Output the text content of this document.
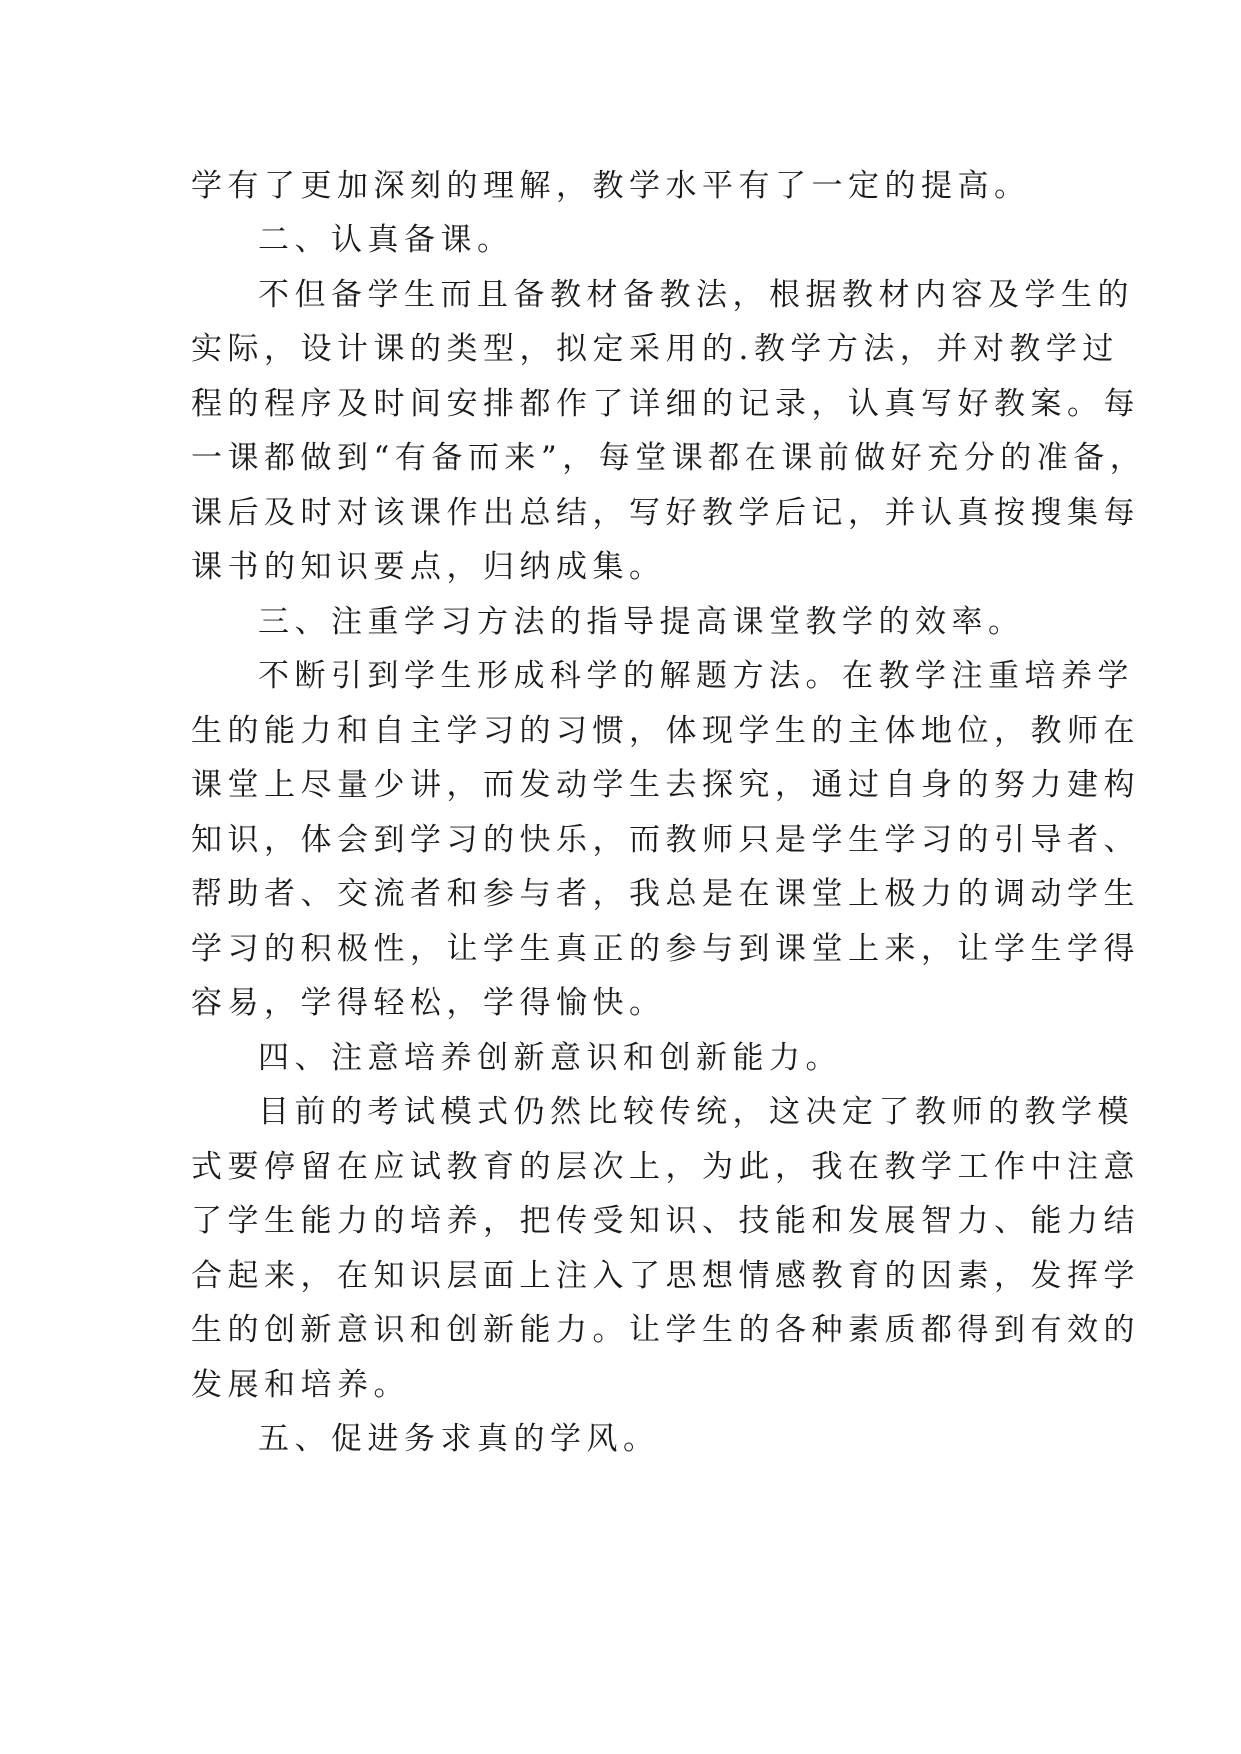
学有了更加深刻的理解，教学水平有了一定的提高。

二、认真备课。

不但备学生而且备教材备教法，根据教材内容及学生的

实际，设计课的类型，拟定采用的.教学方法，并对教学过

程的程序及时间安排都作了详细的记录，认真写好教案。每

一课都做到“有备而来”，每堂课都在课前做好充分的准备，

课后及时对该课作出总结，写好教学后记，并认真按搜集每

课书的知识要点，归纳成集。

三、注重学习方法的指导提高课堂教学的效率。

不断引到学生形成科学的解题方法。在教学注重培养学

生的能力和自主学习的习惯，体现学生的主体地位，教师在

课堂上尽量少讲，而发动学生去探究，通过自身的努力建构

知识，体会到学习的快乐，而教师只是学生学习的引导者、

帮助者、交流者和参与者，我总是在课堂上极力的调动学生

学习的积极性，让学生真正的参与到课堂上来，让学生学得

容易，学得轻松，学得愉快。

四、注意培养创新意识和创新能力。

目前的考试模式仍然比较传统，这决定了教师的教学模

式要停留在应试教育的层次上，为此，我在教学工作中注意

了学生能力的培养，把传受知识、技能和发展智力、能力结

合起来，在知识层面上注入了思想情感教育的因素，发挥学

生的创新意识和创新能力。让学生的各种素质都得到有效的

发展和培养。

五、促进务求真的学风。
